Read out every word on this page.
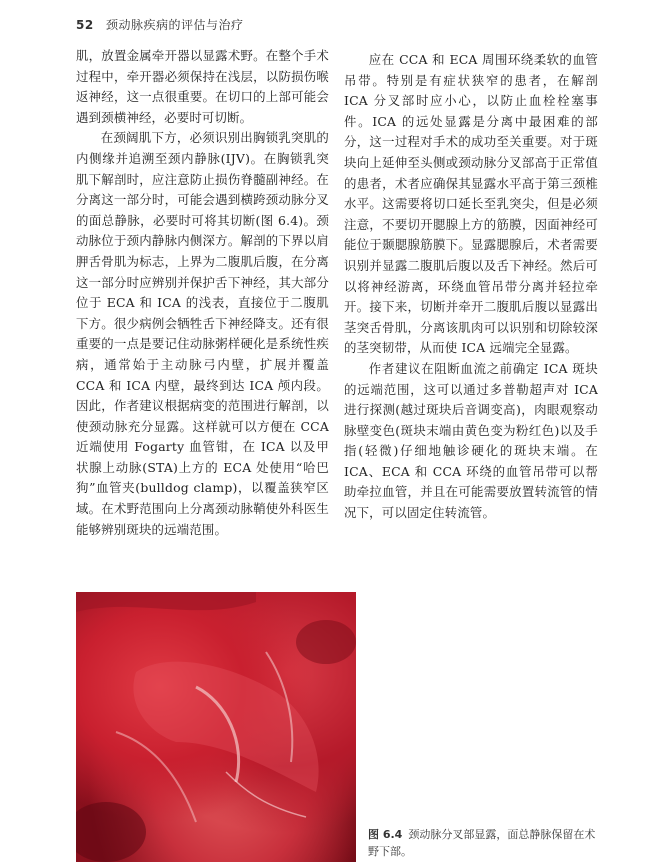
52 颈动脉疾病的评估与治疗

肌，放置金属牵开器以显露术野。在整个手术过程中，牵开器必须保持在浅层，以防损伤喉返神经，这一点很重要。在切口的上部可能会遇到颈横神经，必要时可切断。

在颈阔肌下方，必须识别出胸锁乳突肌的内侧缘并追溯至颈内静脉(IJV)。在胸锁乳突肌下解剖时，应注意防止损伤脊髓副神经。在分离这一部分时，可能会遇到横跨颈动脉分叉的面总静脉，必要时可将其切断(图 6.4)。颈动脉位于颈内静脉内侧深方。解剖的下界以肩胛舌骨肌为标志，上界为二腹肌后腹，在分离这一部分时应辨别并保护舌下神经，其大部分位于 ECA 和 ICA 的浅表，直接位于二腹肌下方。很少病例会牺牲舌下神经降支。还有很重要的一点是要记住动脉粥样硬化是系统性疾病，通常始于主动脉弓内壁，扩展并覆盖 CCA 和 ICA 内壁，最终到达 ICA 颅内段。因此，作者建议根据病变的范围进行解剖，以使颈动脉充分显露。这样就可以方便在 CCA 近端使用 Fogarty 血管钳，在 ICA 以及甲状腺上动脉(STA)上方的 ECA 处使用“哈巴狗”血管夹(bulldog clamp)，以覆盖狭窄区域。在术野范围向上分离颈动脉鞘使外科医生能够辨别斑块的远端范围。

应在 CCA 和 ECA 周围环绕柔软的血管吊带。特别是有症状狭窄的患者，在解剖 ICA 分叉部时应小心，以防止血栓栓塞事件。ICA 的远处显露是分离中最困难的部分，这一过程对手术的成功至关重要。对于斑块向上延伸至头侧或颈动脉分叉部高于正常值的患者，术者应确保其显露水平高于第三颈椎水平。这需要将切口延长至乳突尖，但是必须注意，不要切开腮腺上方的筋膜，因面神经可能位于颞腮腺筋膜下。显露腮腺后，术者需要识别并显露二腹肌后腹以及舌下神经。然后可以将神经游离，环绕血管吊带分离并轻拉牵开。接下来，切断并牵开二腹肌后腹以显露出茎突舌骨肌，分离该肌肉可以识别和切除较深的茎突韧带，从而使 ICA 远端完全显露。

作者建议在阻断血流之前确定 ICA 斑块的远端范围，这可以通过多普勒超声对 ICA 进行探测(越过斑块后音调变高)，肉眼观察动脉壁变色(斑块末端由黄色变为粉红色)以及手指(轻微)仔细地触诊硬化的斑块末端。在 ICA、ECA 和 CCA 环绕的血管吊带可以帮助牵拉血管，并且在可能需要放置转流管的情况下，可以固定住转流管。

图 6.4 颈动脉分叉部显露，面总静脉保留在术野下部。
